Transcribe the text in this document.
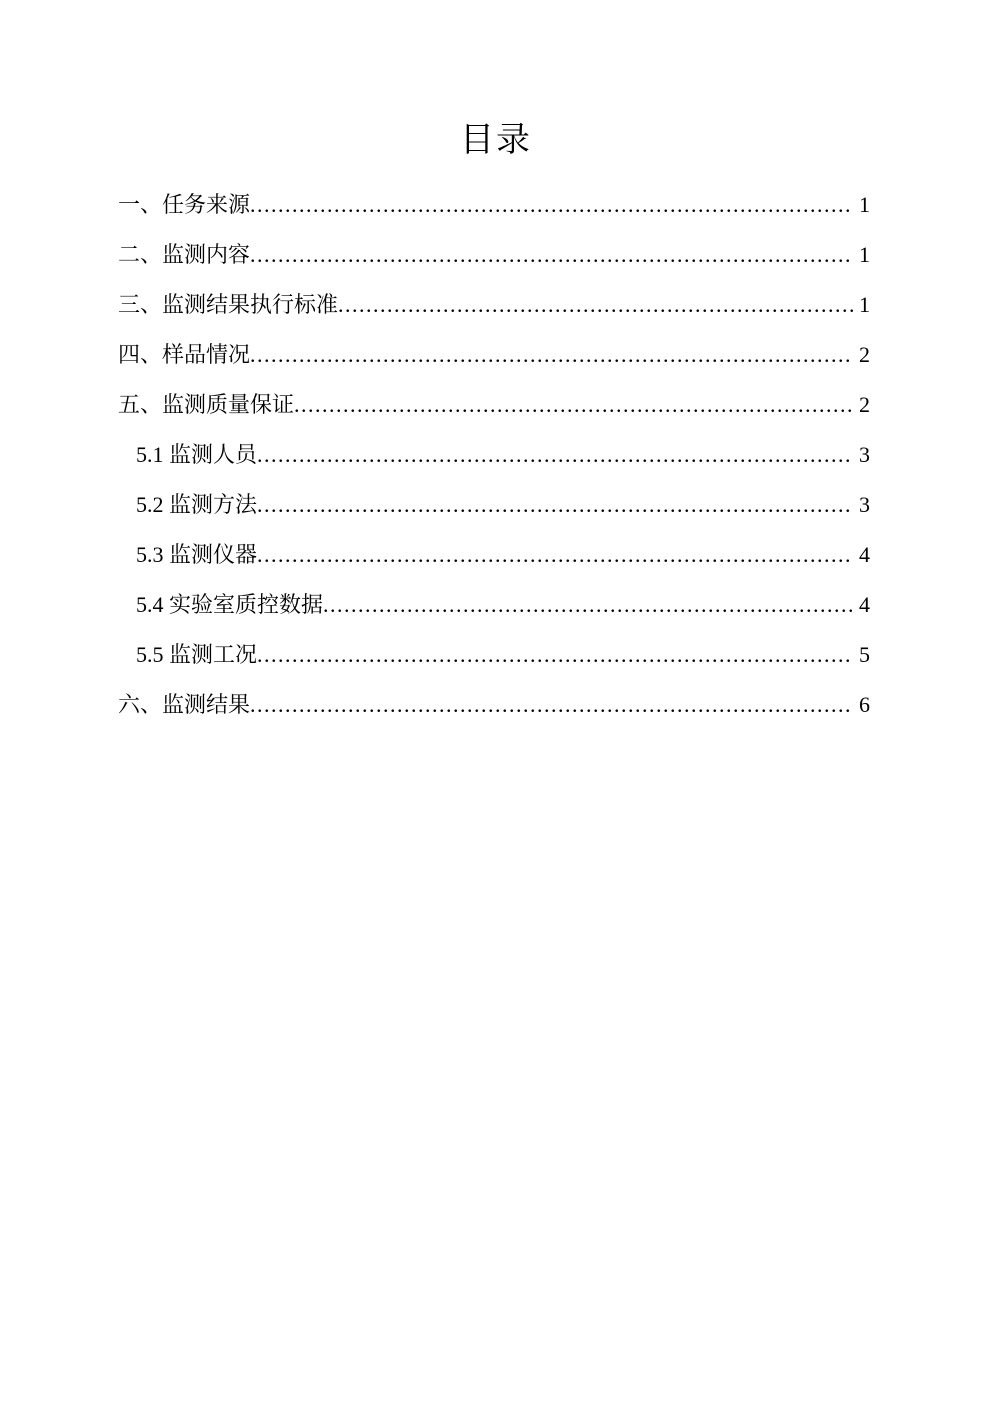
目录
一、任务来源 .....	1
二、监测内容 .....	1
三、监测结果执行标准 .....	1
四、样品情况 .....	2
五、监测质量保证 .....	2
5.1 监测人员 .....	3
5.2 监测方法 .....	3
5.3 监测仪器 .....	4
5.4 实验室质控数据 .....	4
5.5 监测工况 .....	5
六、监测结果 .....	6
